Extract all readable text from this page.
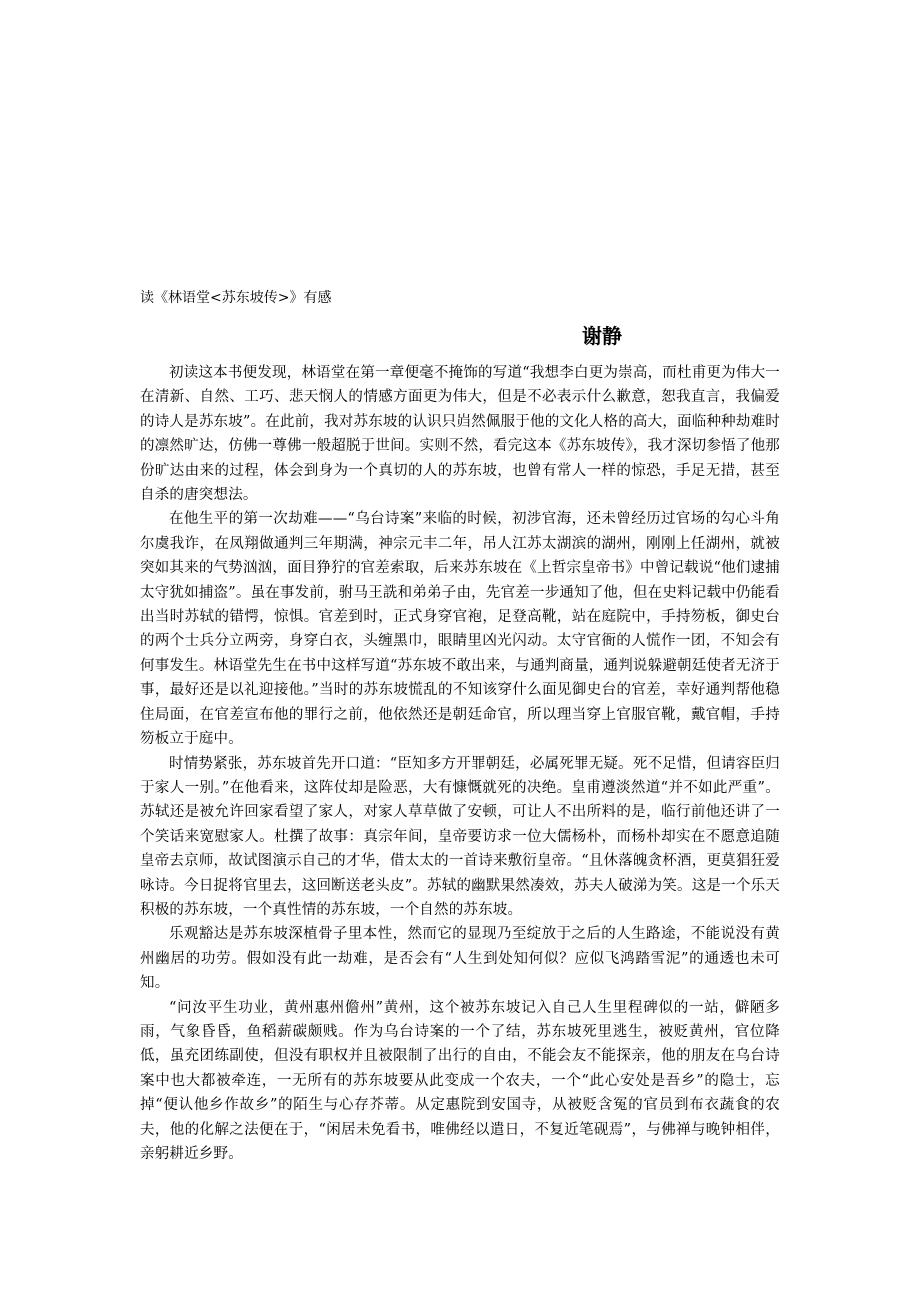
读《林语堂<苏东坡传>》有感
谢静

初读这本书便发现，林语堂在第一章便毫不掩饰的写道“我想李白更为崇高，而杜甫更为伟大一在清新、自然、工巧、悲天悯人的情感方面更为伟大，但是不必表示什么歉意，恕我直言，我偏爱的诗人是苏东坡”。在此前，我对苏东坡的认识只岿然佩服于他的文化人格的高大，面临种种劫难时的凛然旷达，仿佛一尊佛一般超脱于世间。实则不然，看完这本《苏东坡传》，我才深切参悟了他那份旷达由来的过程，体会到身为一个真切的人的苏东坡，也曾有常人一样的惊恐，手足无措，甚至自杀的唐突想法。

在他生平的第一次劫难——“乌台诗案”来临的时候，初涉官海，还未曾经历过官场的勾心斗角尔虞我诈，在凤翔做通判三年期满，神宗元丰二年，吊人江苏太湖滨的湖州，刚刚上任湖州，就被突如其来的气势汹汹，面目狰狞的官差索取，后来苏东坡在《上哲宗皇帝书》中曾记载说“他们逮捕太守犹如捕盗”。虽在事发前，驸马王詵和弟弟子由，先官差一步通知了他，但在史料记载中仍能看出当时苏轼的错愕，惊惧。官差到时，正式身穿官袍，足登高靴，站在庭院中，手持笏板，御史台的两个士兵分立两旁，身穿白衣，头缠黑巾，眼睛里凶光闪动。太守官衙的人慌作一团，不知会有何事发生。林语堂先生在书中这样写道“苏东坡不敢出来，与通判商量，通判说躲避朝廷使者无济于事，最好还是以礼迎接他。”当时的苏东坡慌乱的不知该穿什么面见御史台的官差，幸好通判帮他稳住局面，在官差宣布他的罪行之前，他依然还是朝廷命官，所以理当穿上官服官靴，戴官帽，手持笏板立于庭中。

时情势紧张，苏东坡首先开口道：“臣知多方开罪朝廷，必属死罪无疑。死不足惜，但请容臣归于家人一别。”在他看来，这阵仗却是险恶，大有慷慨就死的决绝。皇甫遵淡然道“并不如此严重”。苏轼还是被允许回家看望了家人，对家人草草做了安顿，可让人不出所料的是，临行前他还讲了一个笑话来宽慰家人。杜撰了故事：真宗年间，皇帝要访求一位大儒杨朴，而杨朴却实在不愿意追随皇帝去京师，故试图演示自己的才华，借太太的一首诗来敷衍皇帝。“且休落魄贪杯酒，更莫猖狂爱咏诗。今日捉将官里去，这回断送老头皮”。苏轼的幽默果然凑效，苏夫人破涕为笑。这是一个乐天积极的苏东坡，一个真性情的苏东坡，一个自然的苏东坡。

乐观豁达是苏东坡深植骨子里本性，然而它的显现乃至绽放于之后的人生路途，不能说没有黄州幽居的功劳。假如没有此一劫难，是否会有“人生到处知何似？应似飞鸿踏雪泥”的通透也未可知。

“问汝平生功业，黄州惠州儋州”黄州，这个被苏东坡记入自己人生里程碑似的一站，僻陋多雨，气象昏昏，鱼稻薪碳颇贱。作为乌台诗案的一个了结，苏东坡死里逃生，被贬黄州，官位降低，虽充团练副使，但没有职权并且被限制了出行的自由，不能会友不能探亲，他的朋友在乌台诗案中也大都被牵连，一无所有的苏东坡要从此变成一个农夫，一个“此心安处是吾乡”的隐士，忘掉“便认他乡作故乡”的陌生与心存芥蒂。从定惠院到安国寺，从被贬含冤的官员到布衣蔬食的农夫，他的化解之法便在于，“闲居未免看书，唯佛经以遣日，不复近笔砚焉”，与佛禅与晚钟相伴，亲躬耕近乡野。
